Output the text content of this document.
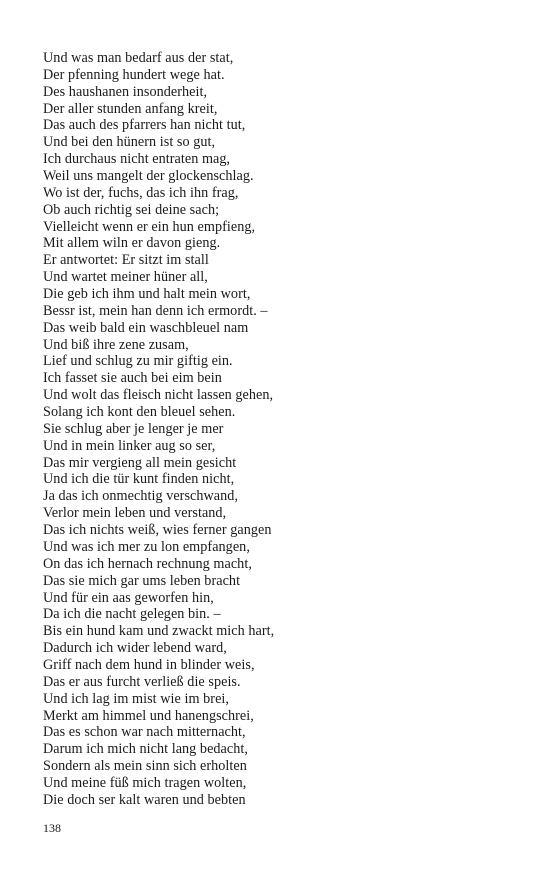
Und was man bedarf aus der stat,
Der pfenning hundert wege hat.
Des haushanen insonderheit,
Der aller stunden anfang kreit,
Das auch des pfarrers han nicht tut,
Und bei den hünern ist so gut,
Ich durchaus nicht entraten mag,
Weil uns mangelt der glockenschlag.
Wo ist der, fuchs, das ich ihn frag,
Ob auch richtig sei deine sach;
Vielleicht wenn er ein hun empfieng,
Mit allem wiln er davon gieng.
Er antwortet: Er sitzt im stall
Und wartet meiner hüner all,
Die geb ich ihm und halt mein wort,
Bessr ist, mein han denn ich ermordt. –
Das weib bald ein waschbleuel nam
Und biß ihre zene zusam,
Lief und schlug zu mir giftig ein.
Ich fasset sie auch bei eim bein
Und wolt das fleisch nicht lassen gehen,
Solang ich kont den bleuel sehen.
Sie schlug aber je lenger je mer
Und in mein linker aug so ser,
Das mir vergieng all mein gesicht
Und ich die tür kunt finden nicht,
Ja das ich onmechtig verschwand,
Verlor mein leben und verstand,
Das ich nichts weiß, wies ferner gangen
Und was ich mer zu lon empfangen,
On das ich hernach rechnung macht,
Das sie mich gar ums leben bracht
Und für ein aas geworfen hin,
Da ich die nacht gelegen bin. –
Bis ein hund kam und zwackt mich hart,
Dadurch ich wider lebend ward,
Griff nach dem hund in blinder weis,
Das er aus furcht verließ die speis.
Und ich lag im mist wie im brei,
Merkt am himmel und hanengschrei,
Das es schon war nach mitternacht,
Darum ich mich nicht lang bedacht,
Sondern als mein sinn sich erholten
Und meine füß mich tragen wolten,
Die doch ser kalt waren und bebten
138
